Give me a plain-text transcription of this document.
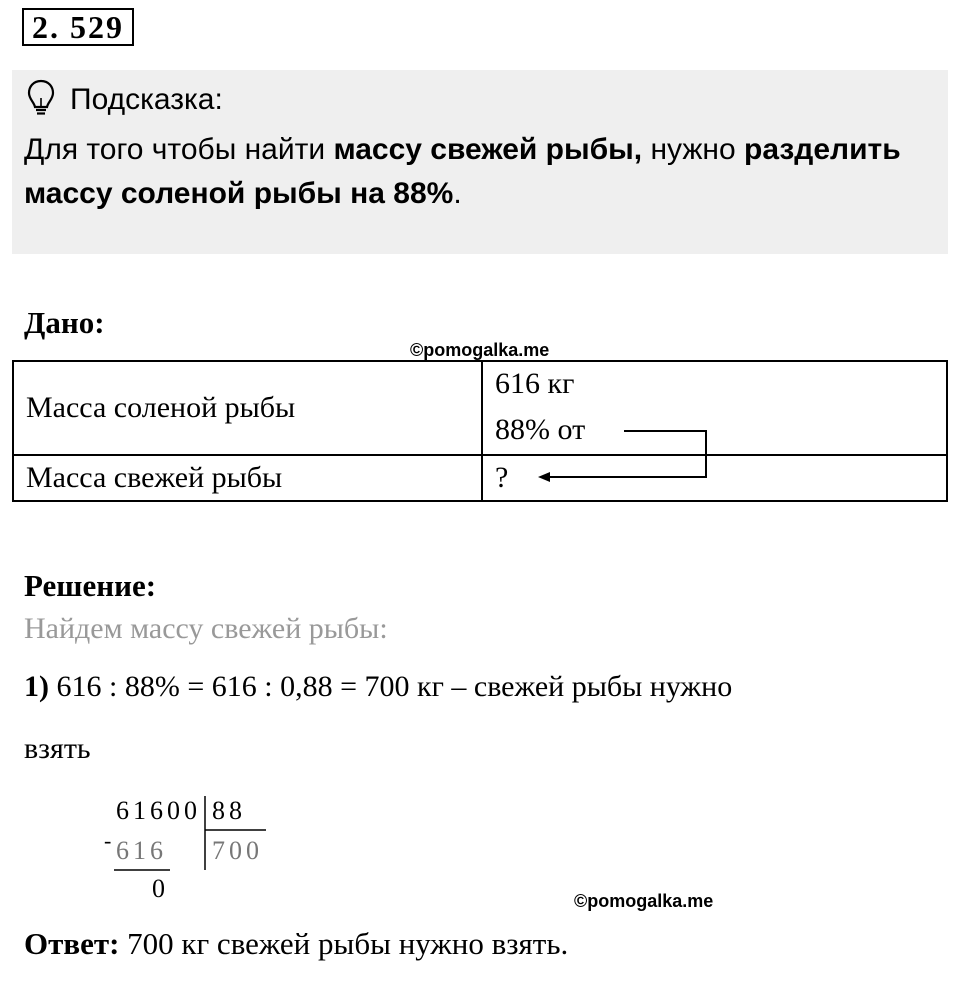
2. 529
Подсказка:
Для того чтобы найти массу свежей рыбы, нужно разделить массу соленой рыбы на 88%.
Дано:
©pomogalka.me
Масса соленой рыбы	616 кг
88% от

Масса свежей рыбы	?
Решение:
Найдем массу свежей рыбы:
1) 616 : 88% = 616 : 0,88 = 700 кг – свежей рыбы нужно
взять
61600 88
- 616 700
0	©pomogalka.me
Ответ: 700 кг свежей рыбы нужно взять.
